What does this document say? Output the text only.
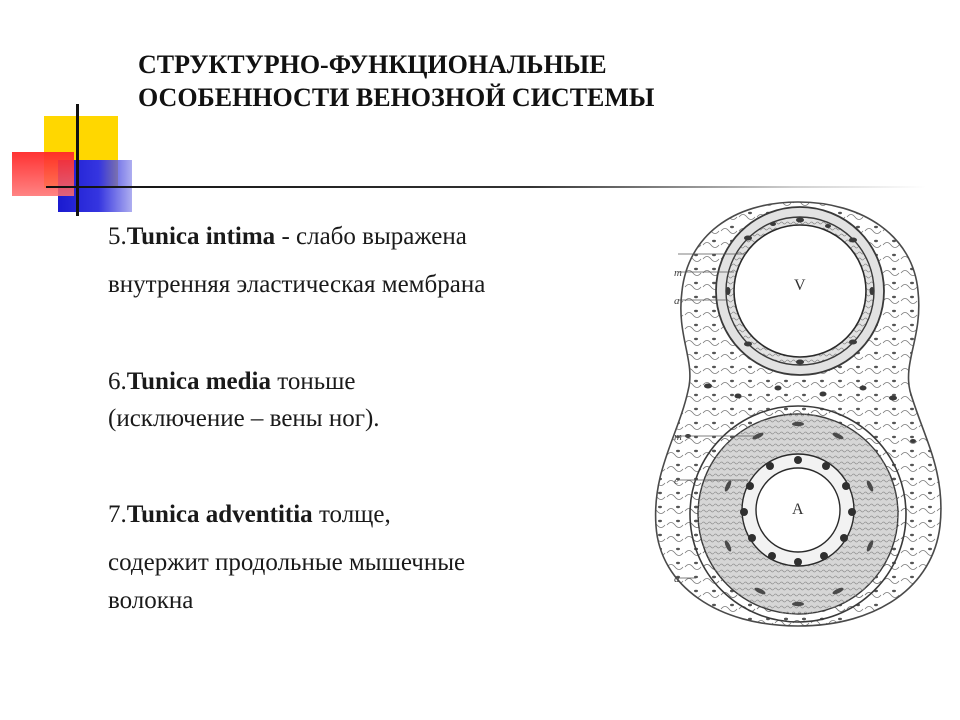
СТРУКТУРНО-ФУНКЦИОНАЛЬНЫЕ
ОСОБЕННОСТИ ВЕНОЗНОЙ СИСТЕМЫ

5.Tunica intima - слабо выражена

внутренняя эластическая мембрана

6.Tunica media тоньше

(исключение – вены ног).

7.Tunica adventitia толще,

содержит продольные мышечные

волокна

V
A
m
a
m
e
a
